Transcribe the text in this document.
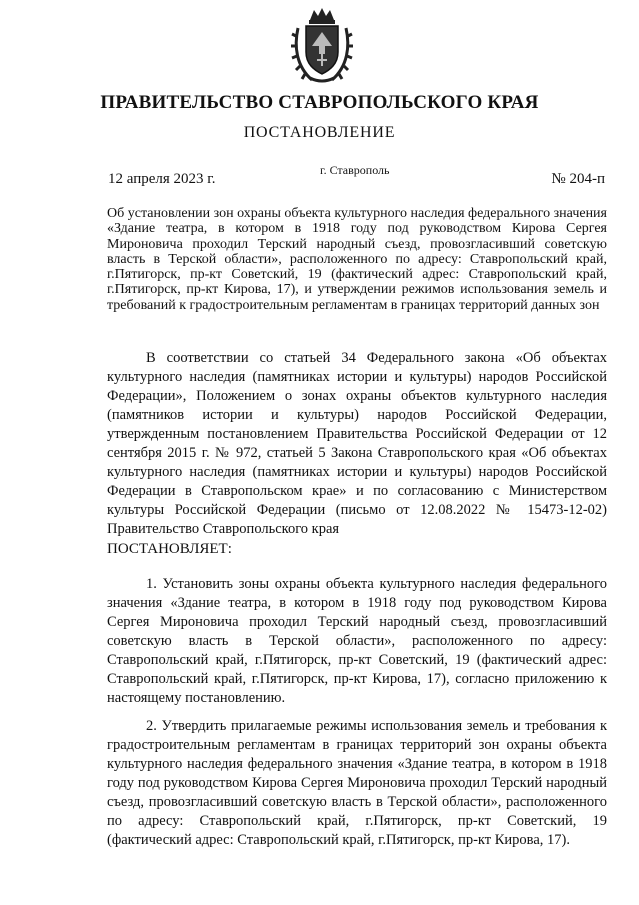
ПРАВИТЕЛЬСТВО СТАВРОПОЛЬСКОГО КРАЯ
ПОСТАНОВЛЕНИЕ
12 апреля 2023 г.
г. Ставрополь
№ 204-п
Об установлении зон охраны объекта культурного наследия федерального значения «Здание театра, в котором в 1918 году под руководством Кирова Сергея Мироновича проходил Терский народный съезд, провозгласивший советскую власть в Терской области», расположенного по адресу: Ставропольский край, г.Пятигорск, пр-кт Советский, 19 (фактический адрес: Ставропольский край, г.Пятигорск, пр-кт Кирова, 17), и утверждении режимов использования земель и требований к градостроительным регламентам в границах территорий данных зон
В соответствии со статьей 34 Федерального закона «Об объектах культурного наследия (памятниках истории и культуры) народов Российской Федерации», Положением о зонах охраны объектов культурного наследия (памятников истории и культуры) народов Российской Федерации, утвержденным постановлением Правительства Российской Федерации от 12 сентября 2015 г. № 972, статьей 5 Закона Ставропольского края «Об объектах культурного наследия (памятниках истории и культуры) народов Российской Федерации в Ставропольском крае» и по согласованию с Министерством культуры Российской Федерации (письмо от 12.08.2022 № 15473-12-02) Правительство Ставропольского края
ПОСТАНОВЛЯЕТ:
1. Установить зоны охраны объекта культурного наследия федерального значения «Здание театра, в котором в 1918 году под руководством Кирова Сергея Мироновича проходил Терский народный съезд, провозгласивший советскую власть в Терской области», расположенного по адресу: Ставропольский край, г.Пятигорск, пр-кт Советский, 19 (фактический адрес: Ставропольский край, г.Пятигорск, пр-кт Кирова, 17), согласно приложению к настоящему постановлению.
2. Утвердить прилагаемые режимы использования земель и требования к градостроительным регламентам в границах территорий зон охраны объекта культурного наследия федерального значения «Здание театра, в котором в 1918 году под руководством Кирова Сергея Мироновича проходил Терский народный съезд, провозгласивший советскую власть в Терской области», расположенного по адресу: Ставропольский край, г.Пятигорск, пр-кт Советский, 19 (фактический адрес: Ставропольский край, г.Пятигорск, пр-кт Кирова, 17).
